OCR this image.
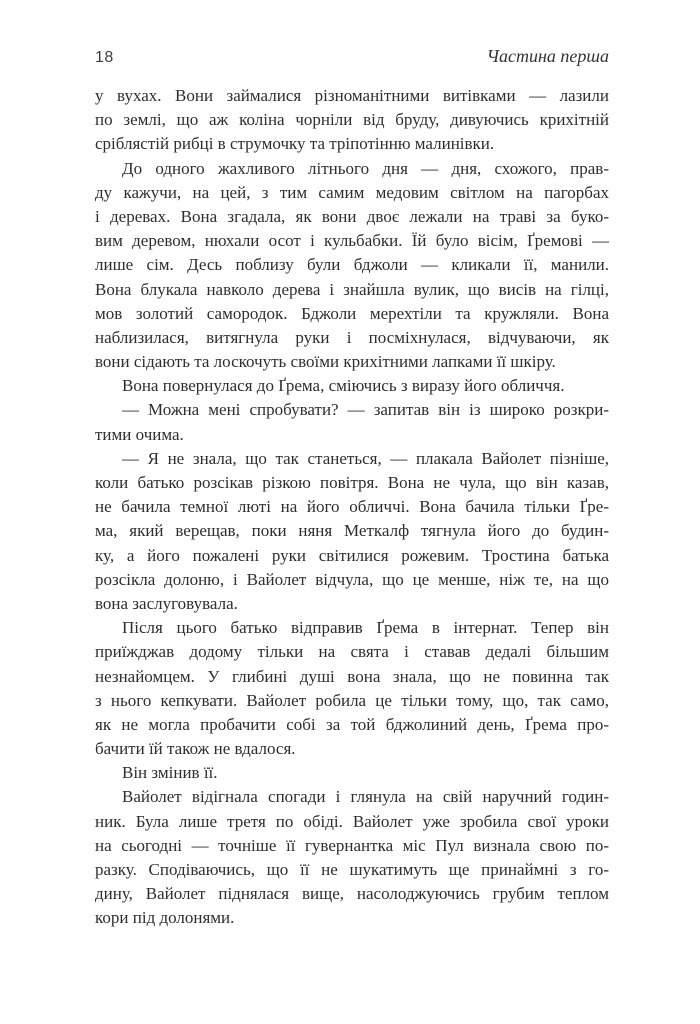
18	Частина перша
у вухах. Вони займалися різноманітними витівками — лазили
по землі, що аж коліна чорніли від бруду, дивуючись крихітній
сріблястій рибці в струмочку та тріпотінню малинівки.
До одного жахливого літнього дня — дня, схожого, прав-
ду кажучи, на цей, з тим самим медовим світлом на пагорбах
і деревах. Вона згадала, як вони двоє лежали на траві за буко-
вим деревом, нюхали осот і кульбабки. Їй було вісім, Ґремові —
лише сім. Десь поблизу були бджоли — кликали її, манили.
Вона блукала навколо дерева і знайшла вулик, що висів на гілці,
мов золотий самородок. Бджоли мерехтіли та кружляли. Вона
наблизилася, витягнула руки і посміхнулася, відчуваючи, як
вони сідають та лоскочуть своїми крихітними лапками її шкіру.
Вона повернулася до Ґрема, сміючись з виразу його обличчя.
— Можна мені спробувати? — запитав він із широко розкри-
тими очима.
— Я не знала, що так станеться, — плакала Вайолет пізніше,
коли батько розсікав різкою повітря. Вона не чула, що він казав,
не бачила темної люті на його обличчі. Вона бачила тільки Ґре-
ма, який верещав, поки няня Меткалф тягнула його до будин-
ку, а його пожалені руки світилися рожевим. Тростина батька
розсікла долоню, і Вайолет відчула, що це менше, ніж те, на що
вона заслуговувала.
Після цього батько відправив Ґрема в інтернат. Тепер він
приїжджав додому тільки на свята і ставав дедалі більшим
незнайомцем. У глибині душі вона знала, що не повинна так
з нього кепкувати. Вайолет робила це тільки тому, що, так само,
як не могла пробачити собі за той бджолиний день, Ґрема про-
бачити їй також не вдалося.
Він змінив її.
Вайолет відігнала спогади і глянула на свій наручний годин-
ник. Була лише третя по обіді. Вайолет уже зробила свої уроки
на сьогодні — точніше її гувернантка міс Пул визнала свою по-
разку. Сподіваючись, що її не шукатимуть ще принаймні з го-
дину, Вайолет піднялася вище, насолоджуючись грубим теплом
кори під долонями.
